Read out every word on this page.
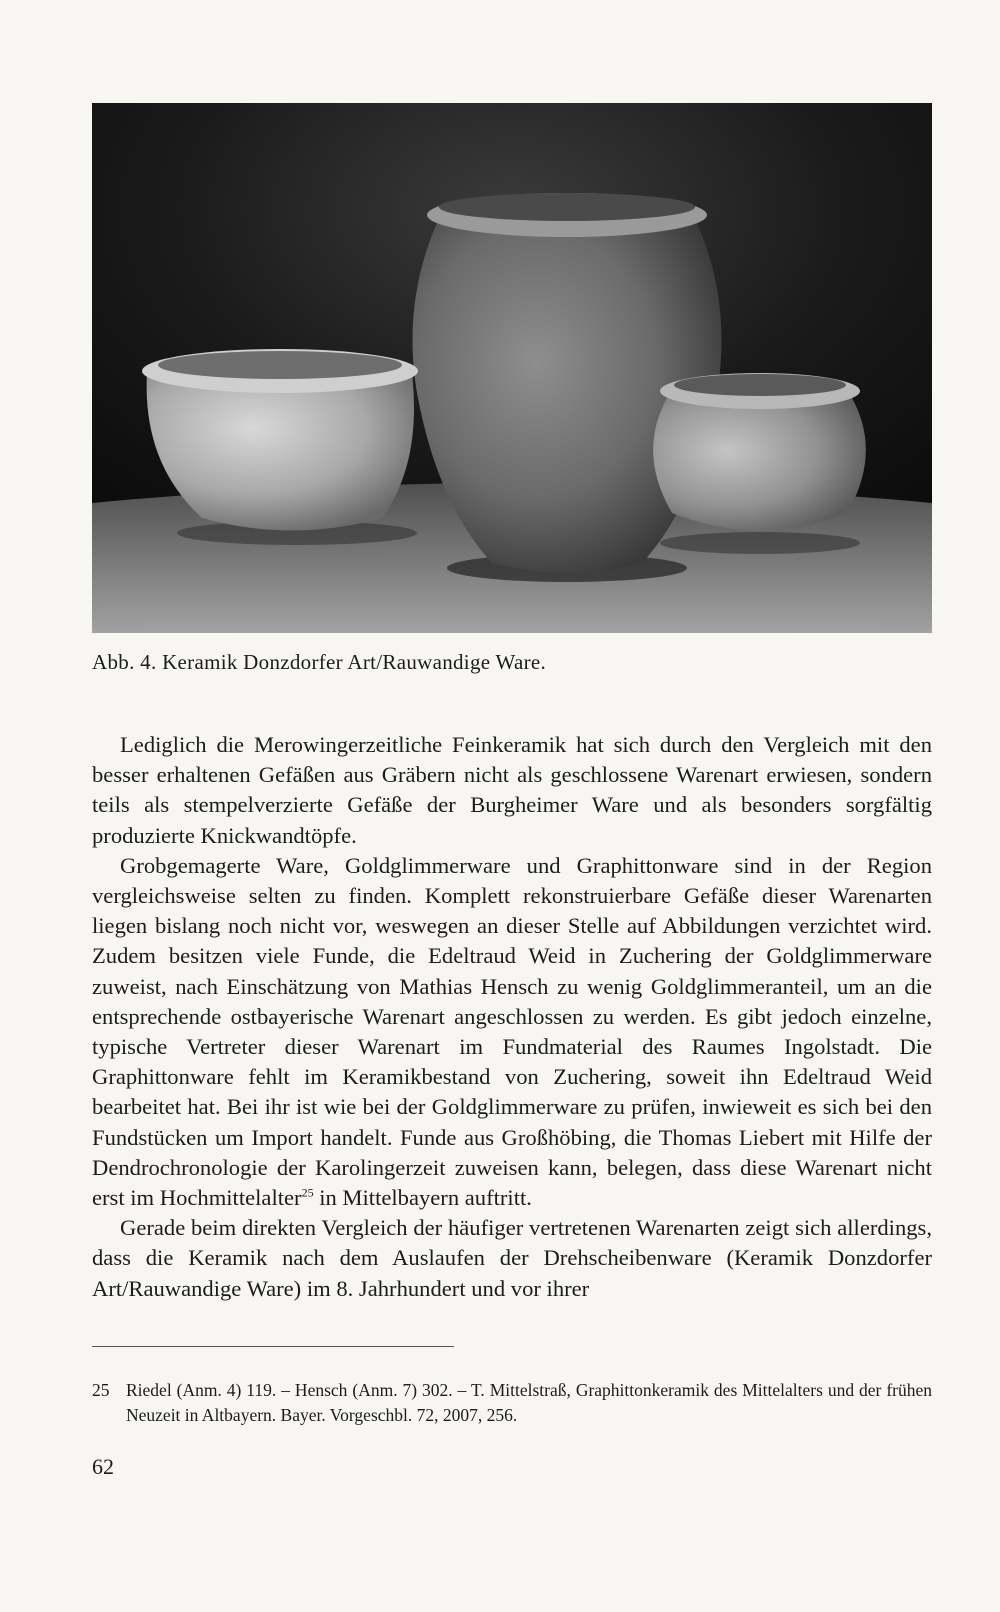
Abb. 4. Keramik Donzdorfer Art/Rauwandige Ware.

Lediglich die Merowingerzeitliche Feinkeramik hat sich durch den Vergleich mit den besser erhaltenen Gefäßen aus Gräbern nicht als geschlossene Warenart erwiesen, sondern teils als stempelverzierte Gefäße der Burgheimer Ware und als besonders sorgfältig produzierte Knickwandtöpfe.

Grobgemagerte Ware, Goldglimmerware und Graphittonware sind in der Region vergleichsweise selten zu finden. Komplett rekonstruierbare Gefäße dieser Warenarten liegen bislang noch nicht vor, weswegen an dieser Stelle auf Abbildungen verzichtet wird. Zudem besitzen viele Funde, die Edeltraud Weid in Zuchering der Goldglimmerware zuweist, nach Einschätzung von Mathias Hensch zu wenig Goldglimmeranteil, um an die entsprechende ostbayerische Warenart angeschlossen zu werden. Es gibt jedoch einzelne, typische Vertreter dieser Warenart im Fundmaterial des Raumes Ingolstadt. Die Graphittonware fehlt im Keramikbestand von Zuchering, soweit ihn Edeltraud Weid bearbeitet hat. Bei ihr ist wie bei der Goldglimmerware zu prüfen, inwieweit es sich bei den Fundstücken um Import handelt. Funde aus Großhöbing, die Thomas Liebert mit Hilfe der Dendrochronologie der Karolingerzeit zuweisen kann, belegen, dass diese Warenart nicht erst im Hochmittelalter$^{25}$ in Mittelbayern auftritt.

Gerade beim direkten Vergleich der häufiger vertretenen Warenarten zeigt sich allerdings, dass die Keramik nach dem Auslaufen der Drehscheibenware (Keramik Donzdorfer Art/Rauwandige Ware) im 8. Jahrhundert und vor ihrer

25 Riedel (Anm. 4) 119. – Hensch (Anm. 7) 302. – T. Mittelstraß, Graphittonkeramik des Mittelalters und der frühen Neuzeit in Altbayern. Bayer. Vorgeschbl. 72, 2007, 256.

62
